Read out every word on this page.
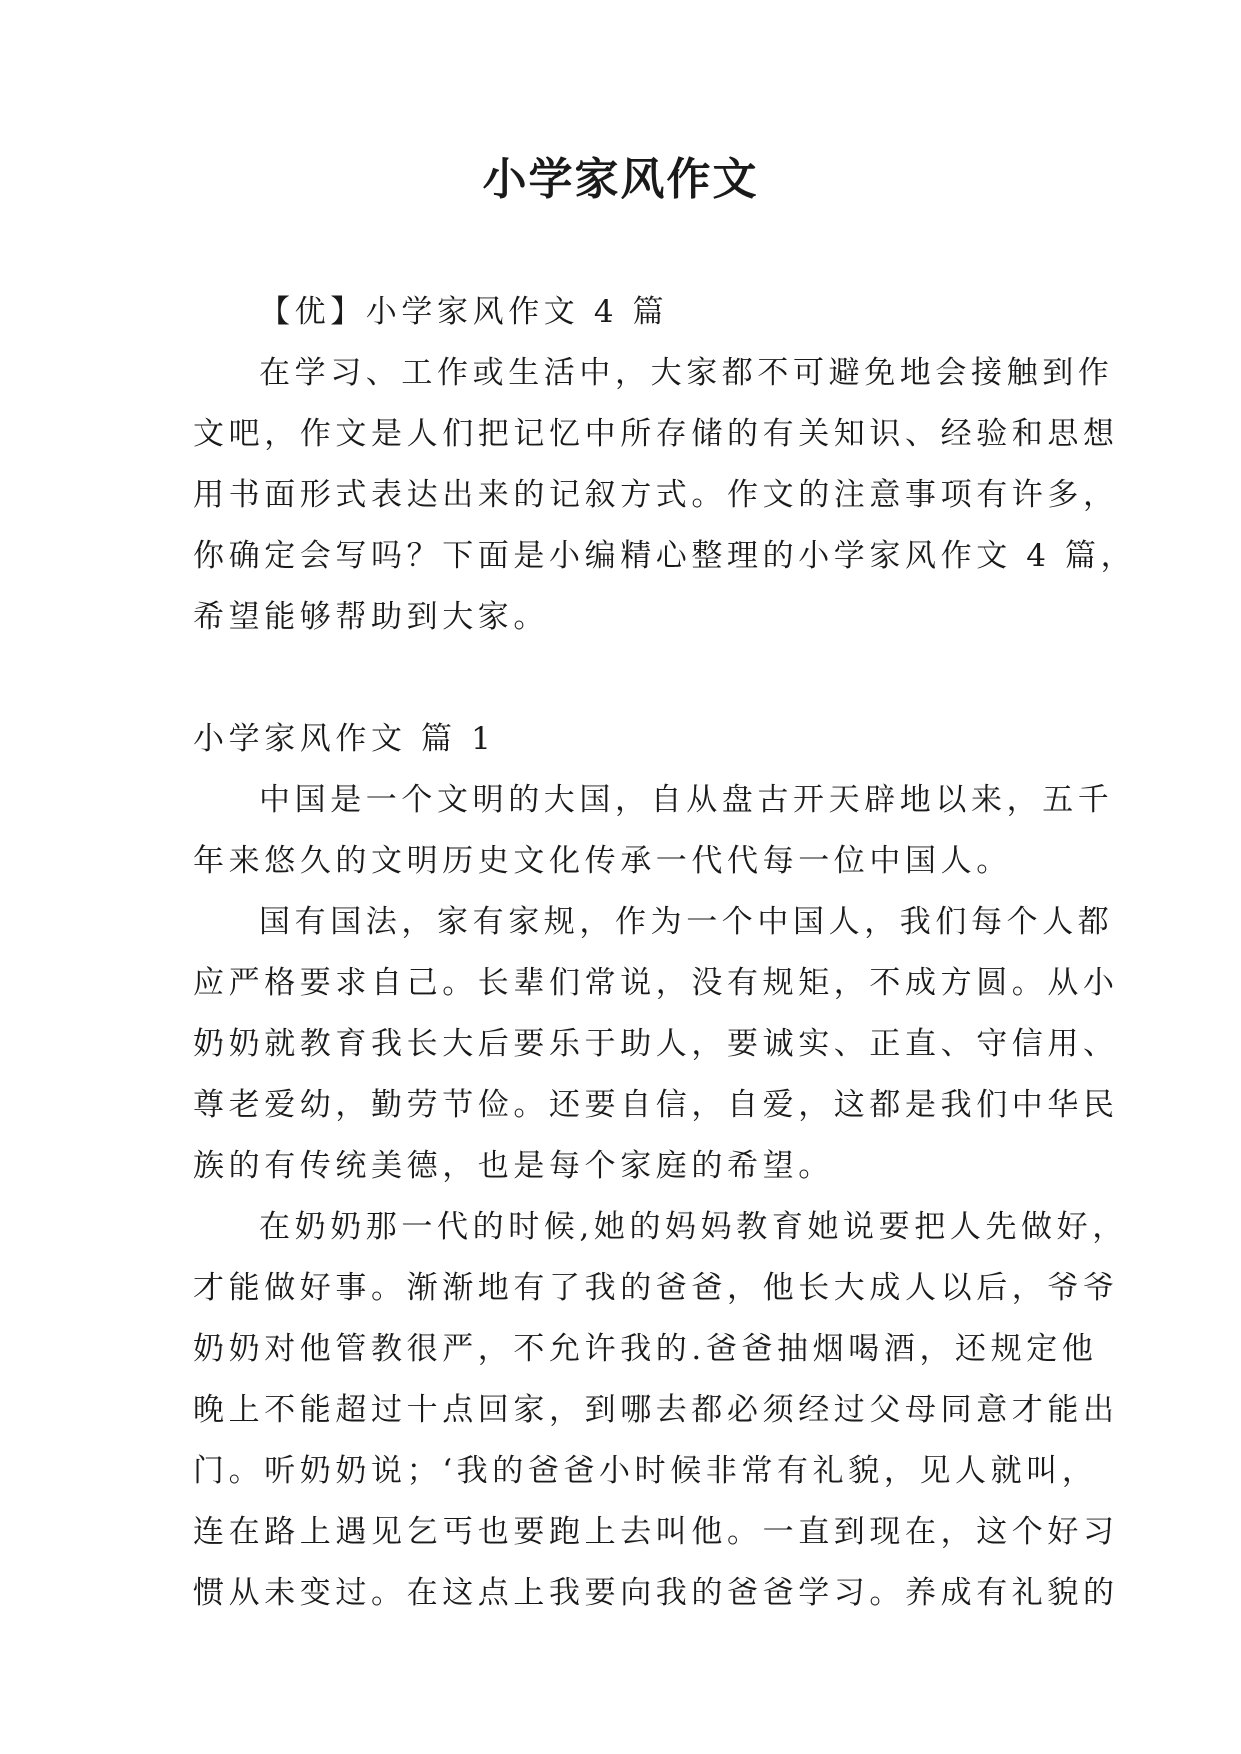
小学家风作文
【优】小学家风作文 4 篇
在学习、工作或生活中，大家都不可避免地会接触到作
文吧，作文是人们把记忆中所存储的有关知识、经验和思想
用书面形式表达出来的记叙方式。作文的注意事项有许多，
你确定会写吗？下面是小编精心整理的小学家风作文 4 篇，
希望能够帮助到大家。
小学家风作文 篇 1
中国是一个文明的大国，自从盘古开天辟地以来，五千
年来悠久的文明历史文化传承一代代每一位中国人。
国有国法，家有家规，作为一个中国人，我们每个人都
应严格要求自己。长辈们常说，没有规矩，不成方圆。从小
奶奶就教育我长大后要乐于助人，要诚实、正直、守信用、
尊老爱幼，勤劳节俭。还要自信，自爱，这都是我们中华民
族的有传统美德，也是每个家庭的希望。
在奶奶那一代的时候,她的妈妈教育她说要把人先做好，
才能做好事。渐渐地有了我的爸爸，他长大成人以后，爷爷
奶奶对他管教很严，不允许我的.爸爸抽烟喝酒，还规定他
晚上不能超过十点回家，到哪去都必须经过父母同意才能出
门。听奶奶说；‘我的爸爸小时候非常有礼貌，见人就叫，
连在路上遇见乞丐也要跑上去叫他。一直到现在，这个好习
惯从未变过。在这点上我要向我的爸爸学习。养成有礼貌的
